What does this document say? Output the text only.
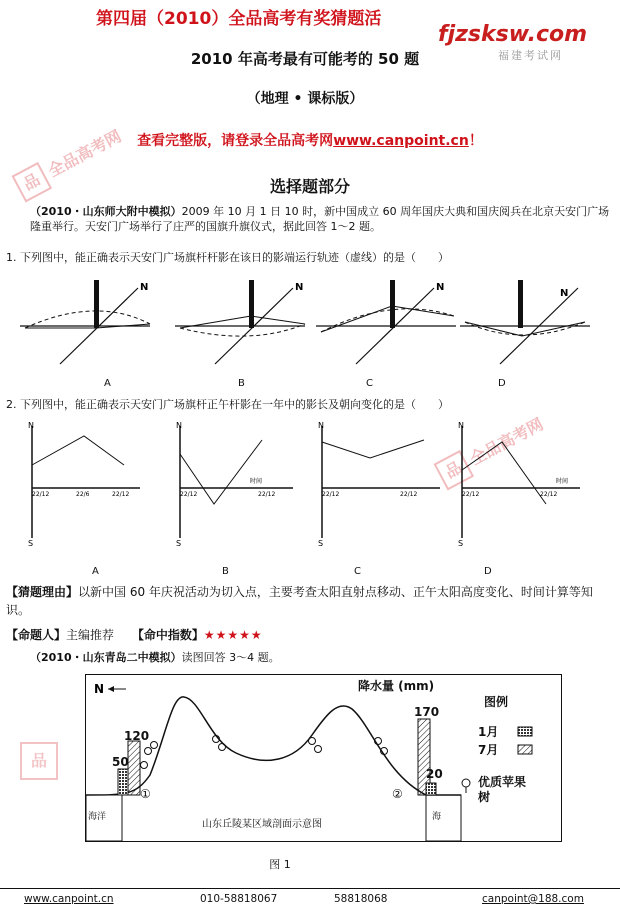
第四届（2010）全品高考有奖猜题活
fjzsksw.com
福建考试网
2010 年高考最有可能考的 50 题
（地理 • 课标版）
查看完整版，请登录全品高考网www.canpoint.cn！
品 全品高考网
品 全品高考网
品
选择题部分
（2010・山东师大附中模拟）2009 年 10 月 1 日 10 时，新中国成立 60 周年国庆大典和国庆阅兵在北京天安门广场隆重举行。天安门广场举行了庄严的国旗升旗仪式，据此回答 1～2 题。
1. 下列图中，能正确表示天安门广场旗杆杆影在该日的影端运行轨迹（虚线）的是（　　）
N	N	N
N
A	B	C	D
2. 下列图中，能正确表示天安门广场旗杆正午杆影在一年中的影长及朝向变化的是（　　）
N
S
22/12	22/6	22/12
时间
N
S
22/12	22/12
N
S
22/12	22/12
时间
N
S
22/12	22/12
A	B	C	D
【猜题理由】以新中国 60 年庆祝活动为切入点，主要考查太阳直射点移动、正午太阳高度变化、时间计算等知识。
【命题人】主编推荐 【命中指数】★★★★★
（2010・山东青岛二中模拟）读图回答 3～4 题。
N	降水量 (mm)
120
50
170
20
①	②
海洋	海
山东丘陵某区域剖面示意图
图例
1月
7月
优质苹果树
图 1
www.canpoint.cn	010-58818067	58818068	canpoint@188.com
